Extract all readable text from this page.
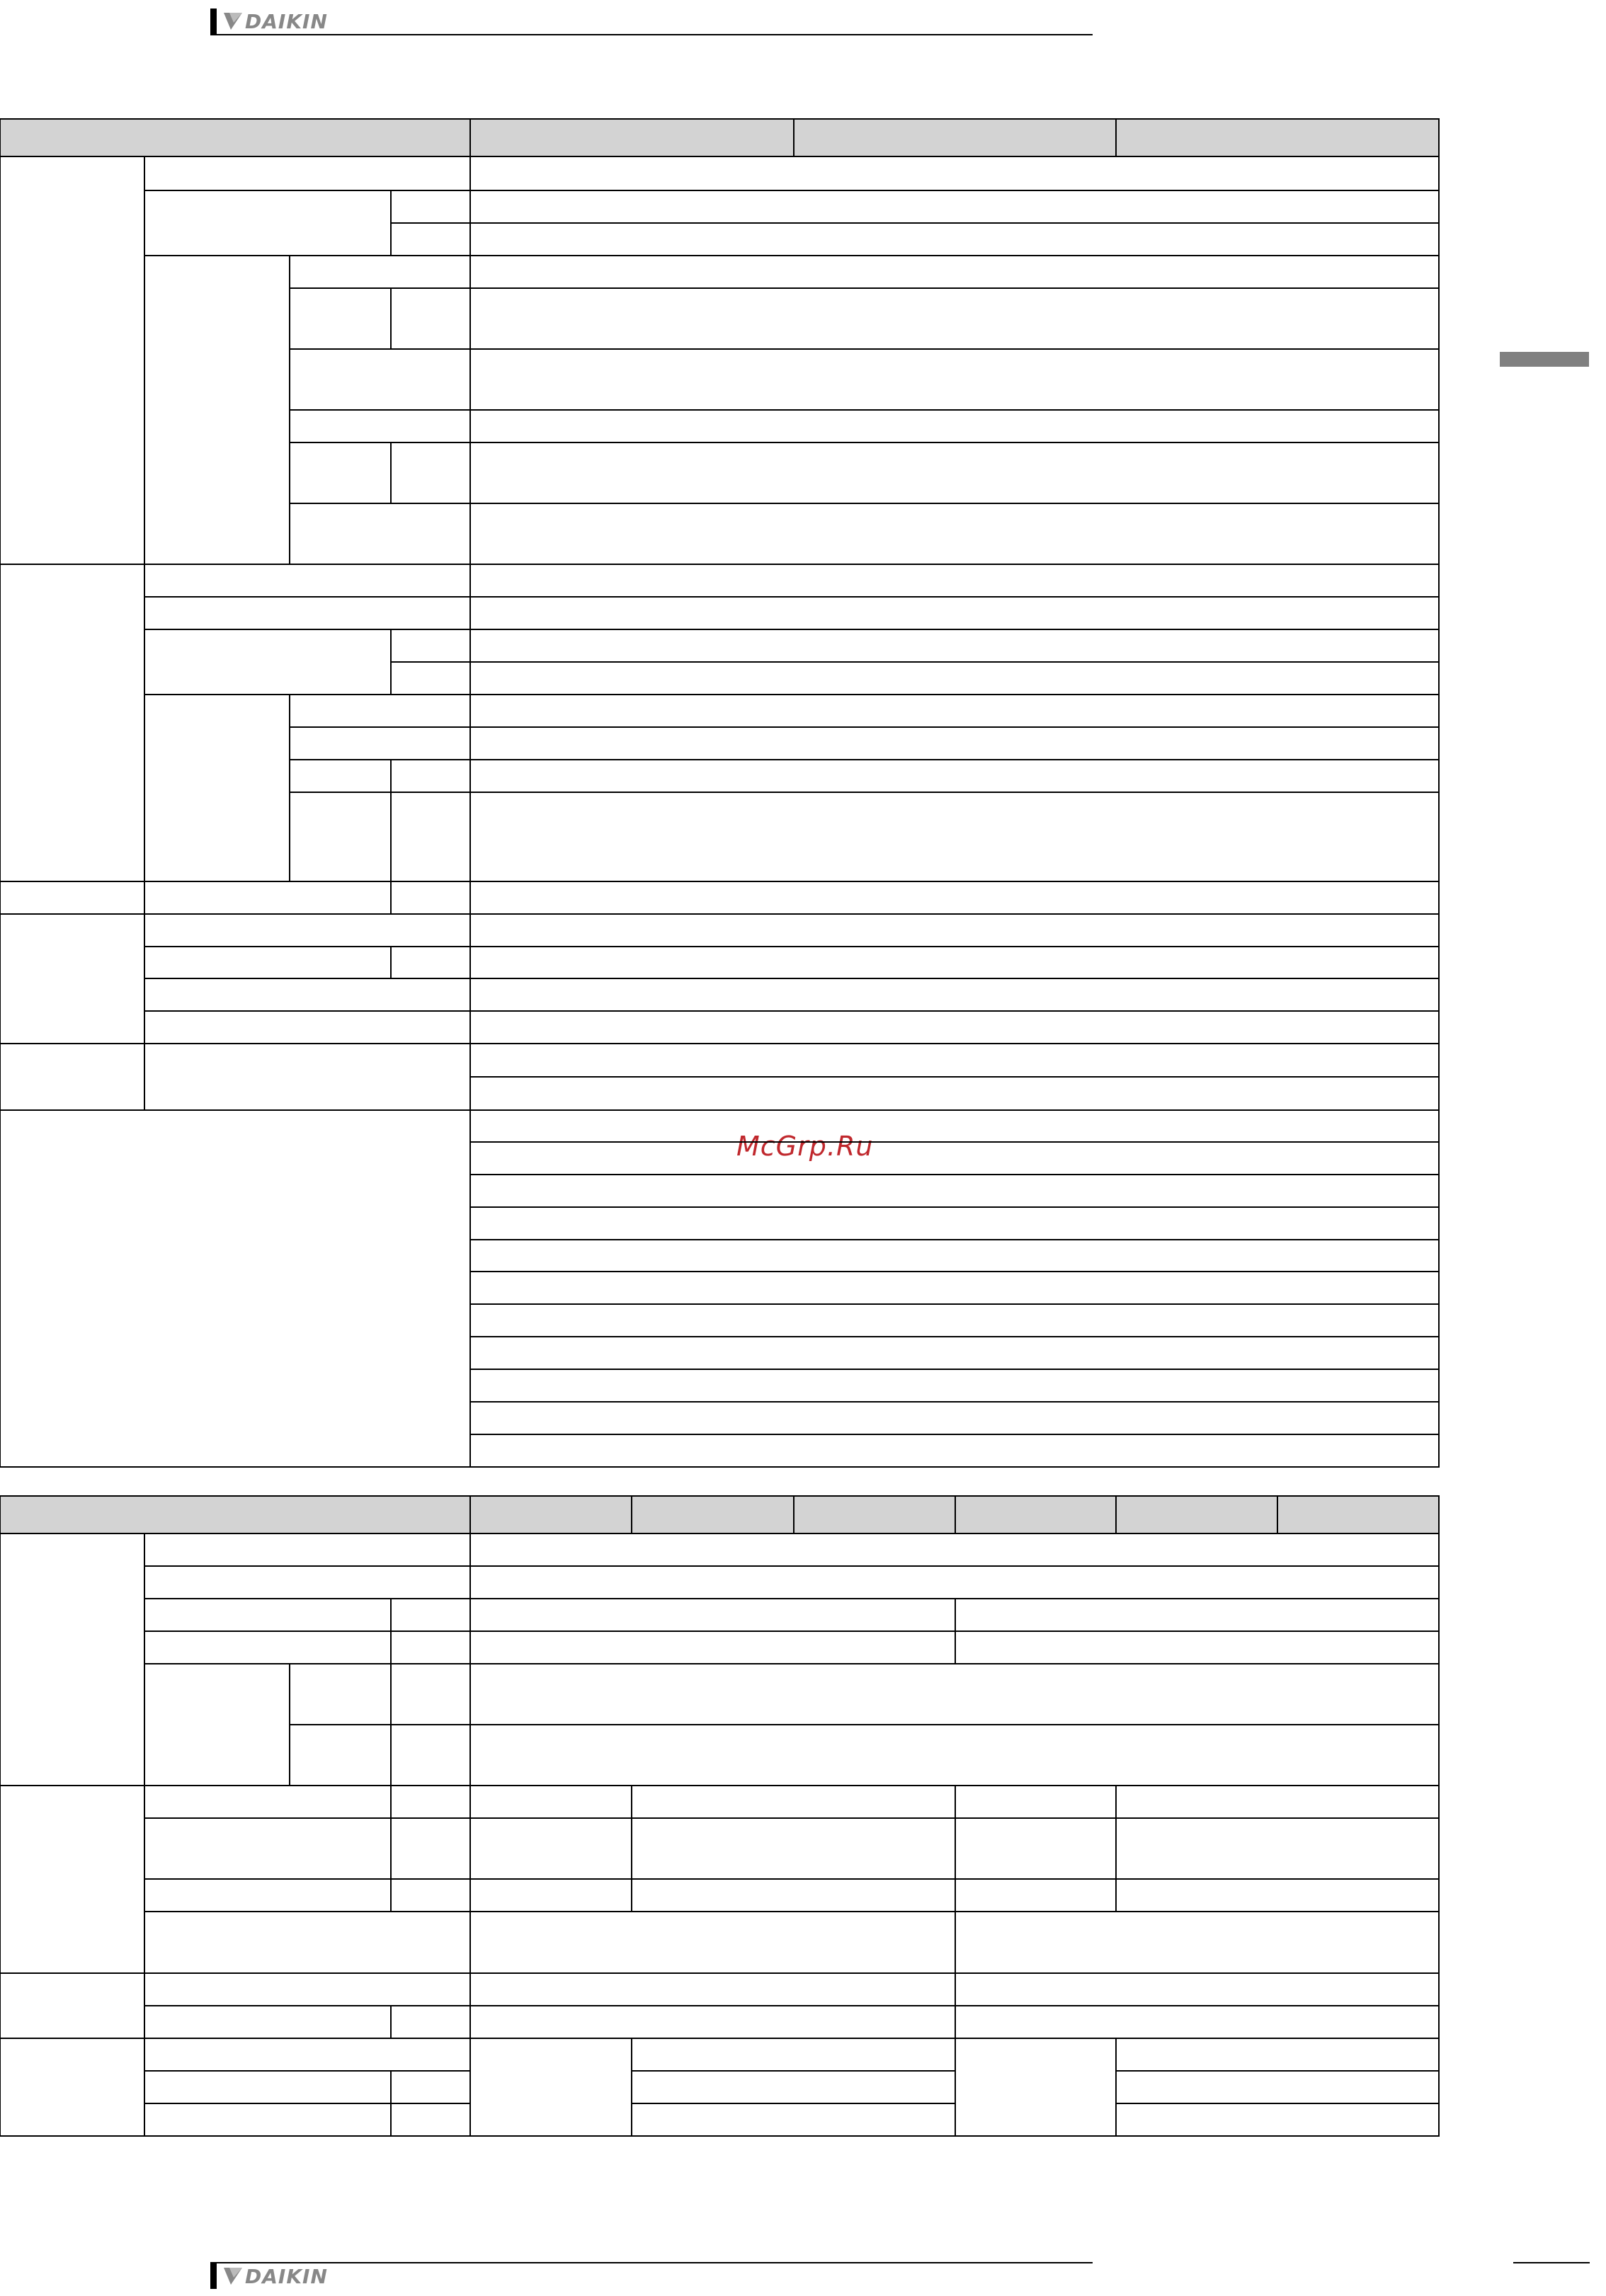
DAIKIN
McGrp.Ru
DAIKIN
